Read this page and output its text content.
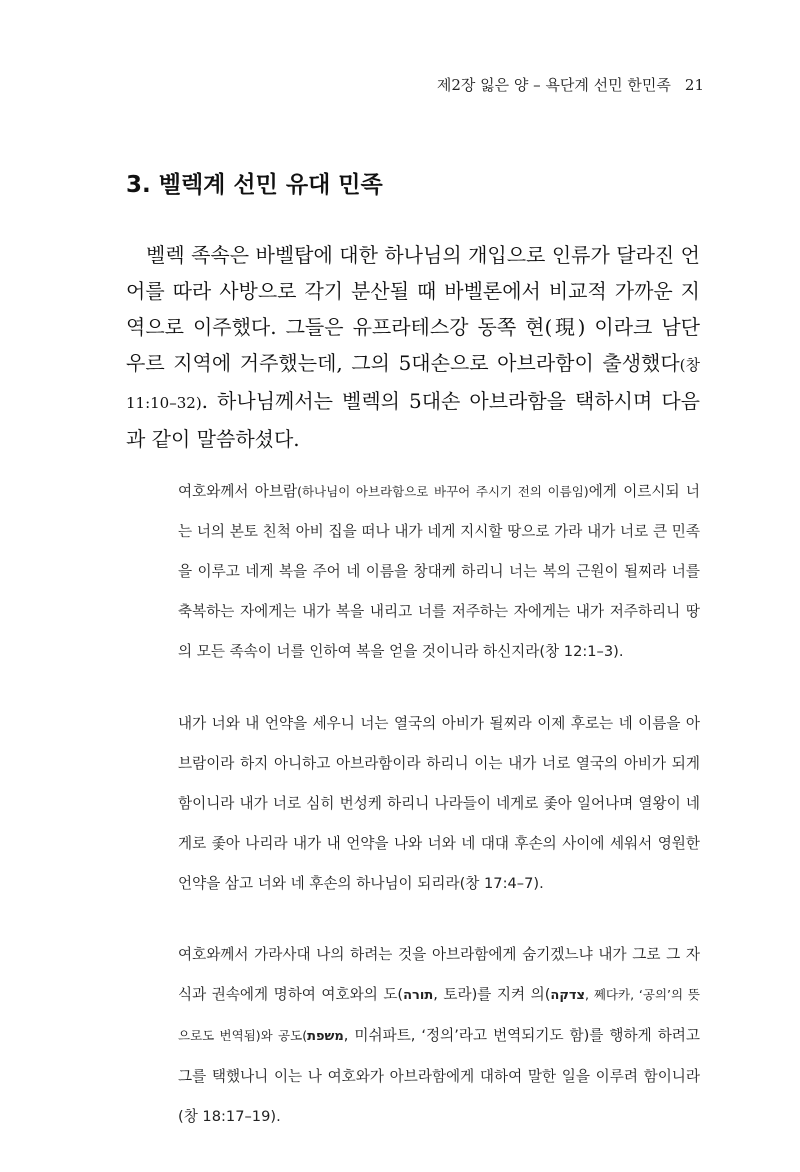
제2장 잃은 양 – 욕단계 선민 한민족 21
3. 벨렉계 선민 유대 민족

벨렉 족속은 바벨탑에 대한 하나님의 개입으로 인류가 달라진 언어를 따라 사방으로 각기 분산될 때 바벨론에서 비교적 가까운 지역으로 이주했다. 그들은 유프라테스강 동쪽 현(現) 이라크 남단 우르 지역에 거주했는데, 그의 5대손으로 아브라함이 출생했다(창 11:10–32). 하나님께서는 벨렉의 5대손 아브라함을 택하시며 다음과 같이 말씀하셨다.

여호와께서 아브람(하나님이 아브라함으로 바꾸어 주시기 전의 이름임)에게 이르시되 너는 너의 본토 친척 아비 집을 떠나 내가 네게 지시할 땅으로 가라 내가 너로 큰 민족을 이루고 네게 복을 주어 네 이름을 창대케 하리니 너는 복의 근원이 될찌라 너를 축복하는 자에게는 내가 복을 내리고 너를 저주하는 자에게는 내가 저주하리니 땅의 모든 족속이 너를 인하여 복을 얻을 것이니라 하신지라(창 12:1–3).

내가 너와 내 언약을 세우니 너는 열국의 아비가 될찌라 이제 후로는 네 이름을 아브람이라 하지 아니하고 아브라함이라 하리니 이는 내가 너로 열국의 아비가 되게 함이니라 내가 너로 심히 번성케 하리니 나라들이 네게로 좇아 일어나며 열왕이 네게로 좇아 나리라 내가 내 언약을 나와 너와 네 대대 후손의 사이에 세워서 영원한 언약을 삼고 너와 네 후손의 하나님이 되리라(창 17:4–7).

여호와께서 가라사대 나의 하려는 것을 아브라함에게 숨기겠느냐 내가 그로 그 자식과 권속에게 명하여 여호와의 도(תורה, 토라)를 지켜 의(צדקה, 쩨다카, ‘공의’의 뜻으로도 번역됨)와 공도(משפת, 미쉬파트, ‘정의’라고 번역되기도 함)를 행하게 하려고 그를 택했나니 이는 나 여호와가 아브라함에게 대하여 말한 일을 이루려 함이니라(창 18:17–19).
